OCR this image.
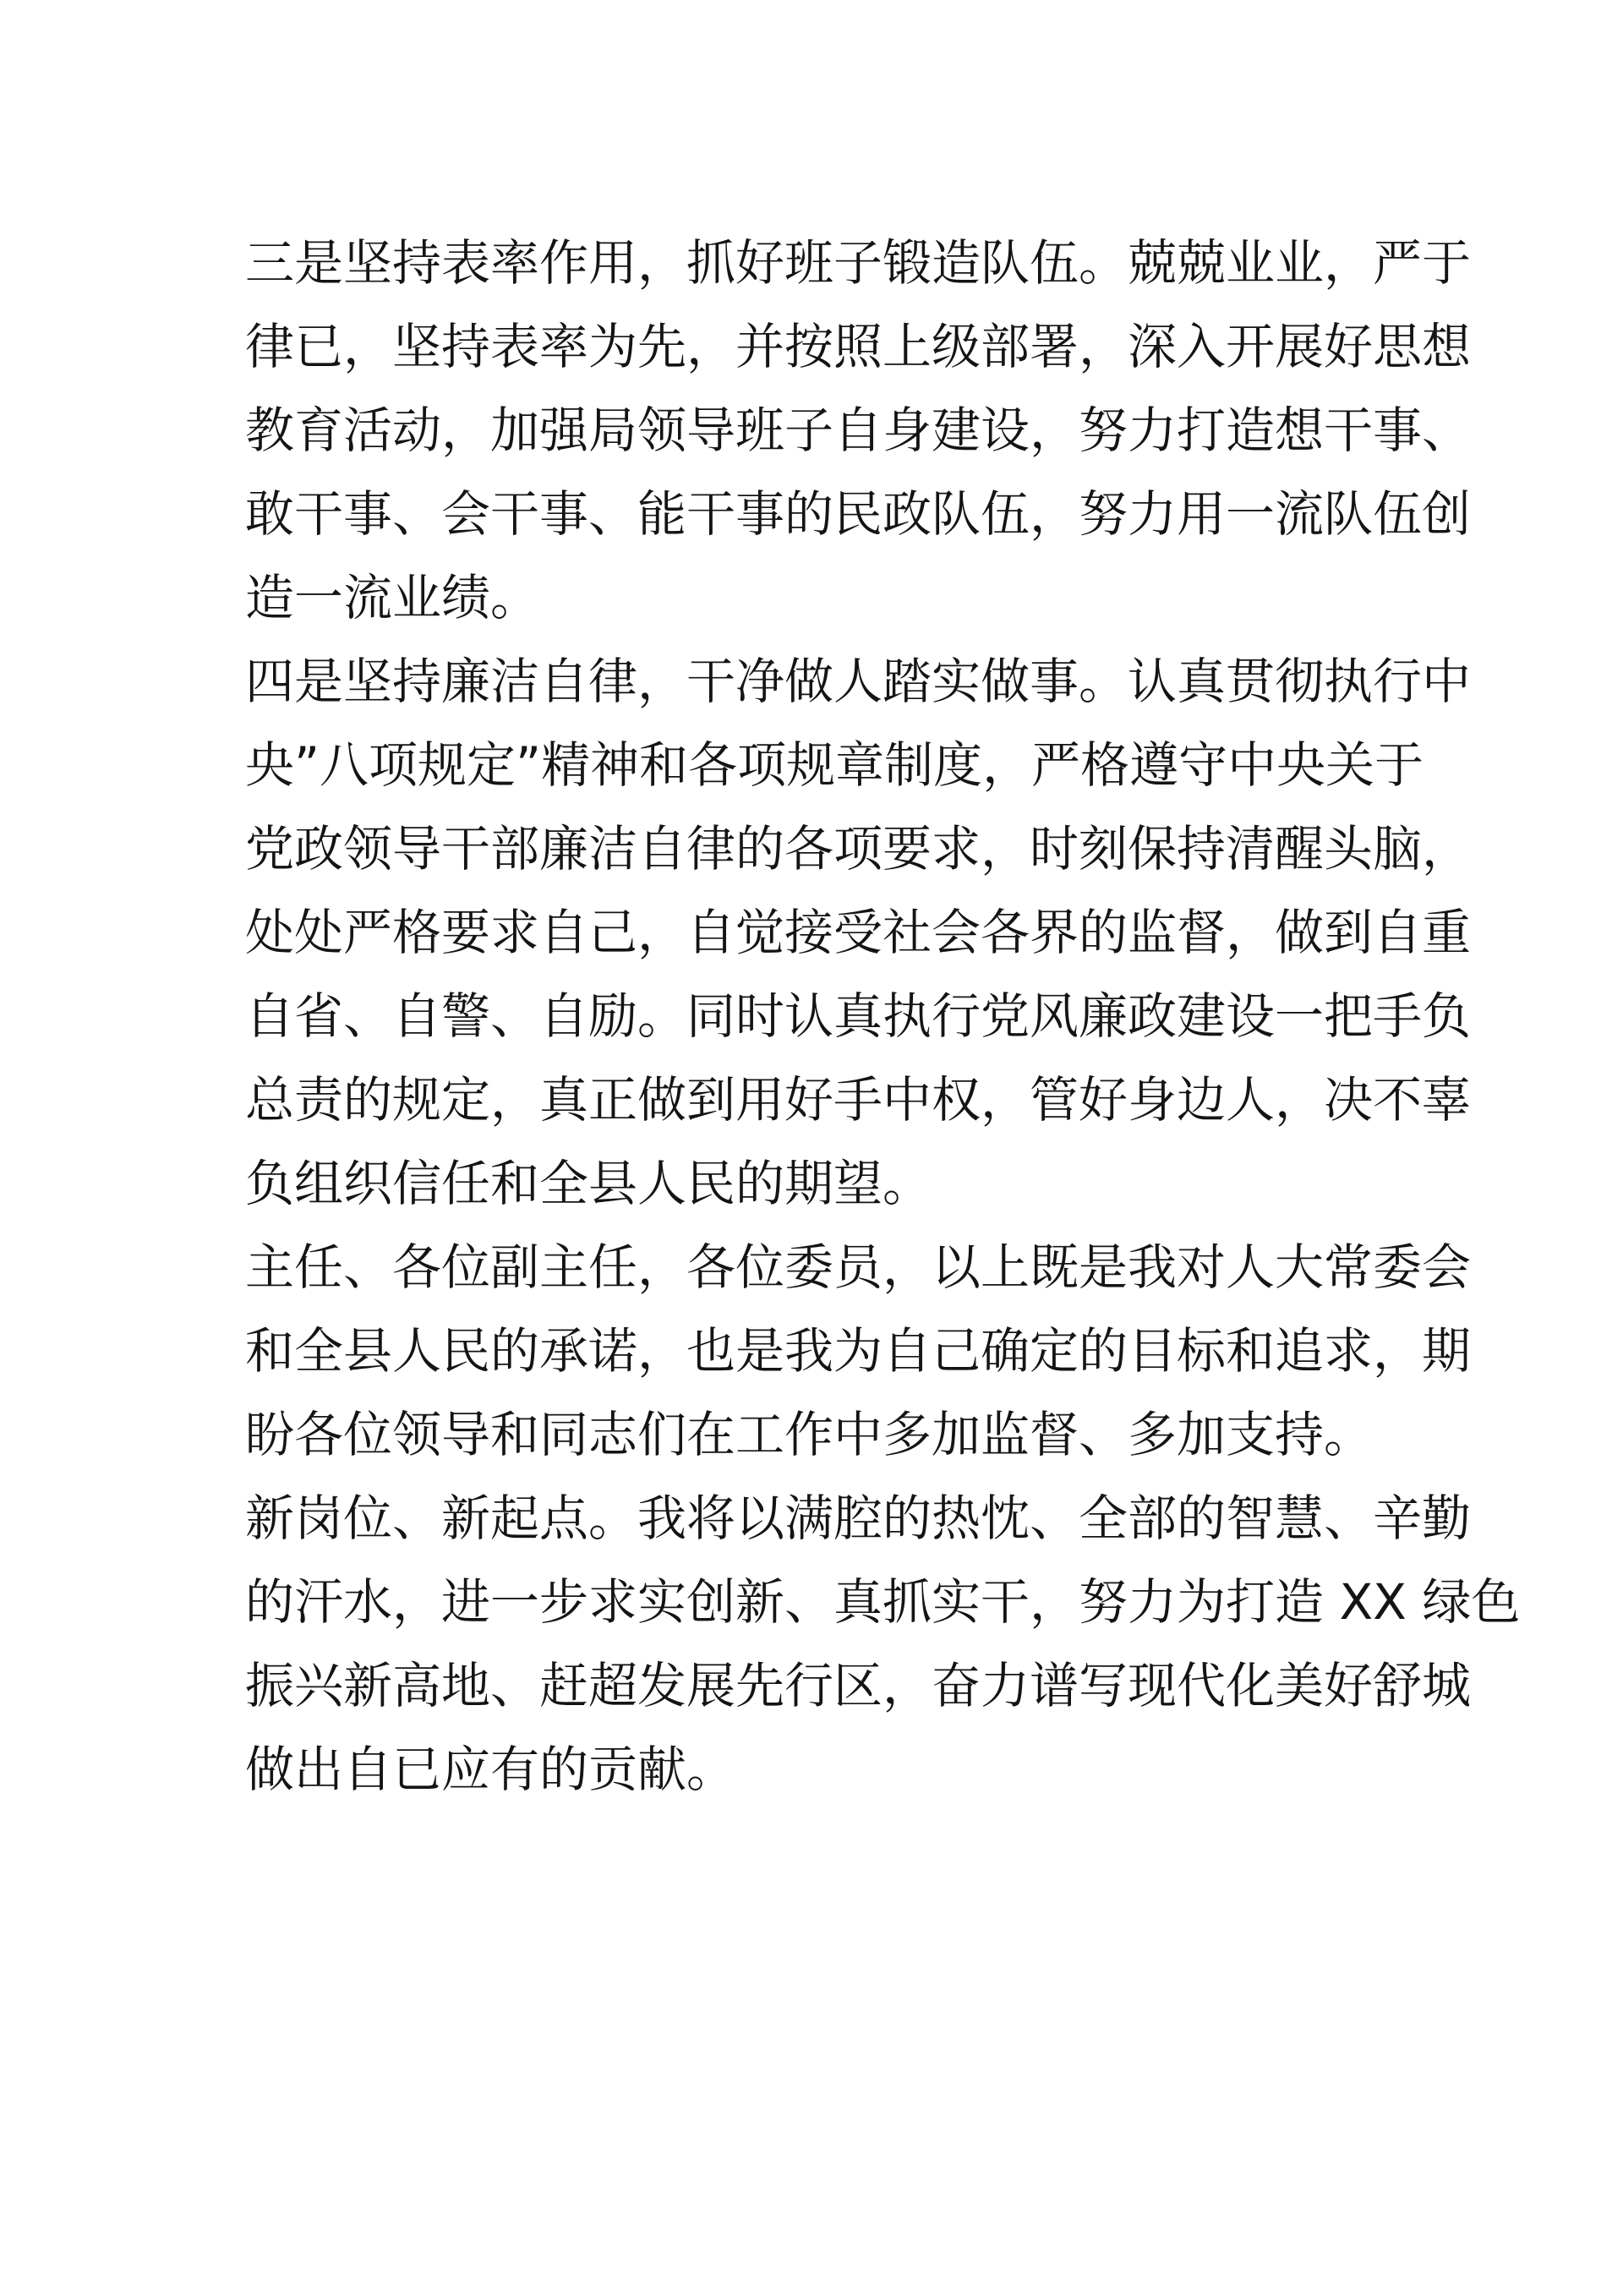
三是坚持表率作用，抓好班子锻造队伍。兢兢业业，严于
律已，坚持表率为先，并按照上级部署，深入开展好思想
教育活动，加强局领导班子自身建设，努力打造想干事、
敢干事、会干事、能干事的民政队伍，努力用一流队伍创
造一流业绩。
四是坚持廉洁自律，干净做人踏实做事。认真贯彻执行中
央”八项规定”精神和各项规章制度，严格遵守中央关于
党政领导干部廉洁自律的各项要求，时刻保持清醒头脑，
处处严格要求自己，自觉接受社会各界的监督，做到自重
自省、自警、自励。同时认真执行党风廉政建设一把手负
总责的规定，真正做到用好手中权，管好身边人，决不辜
负组织信任和全县人民的期望。
主任、各位副主任，各位委员，以上既是我对人大常委会
和全县人民的承诺，也是我为自己确定的目标和追求，期
盼各位领导和同志们在工作中多加监督、多加支持。
新岗位、新起点。我将以满腔的热忱、全部的智慧、辛勤
的汗水，进一步求实创新、真抓实干，努力为打造 XX 绿色
振兴新高地、赶超发展先行区，奋力谱写现代化美好舒城
做出自已应有的贡献。
